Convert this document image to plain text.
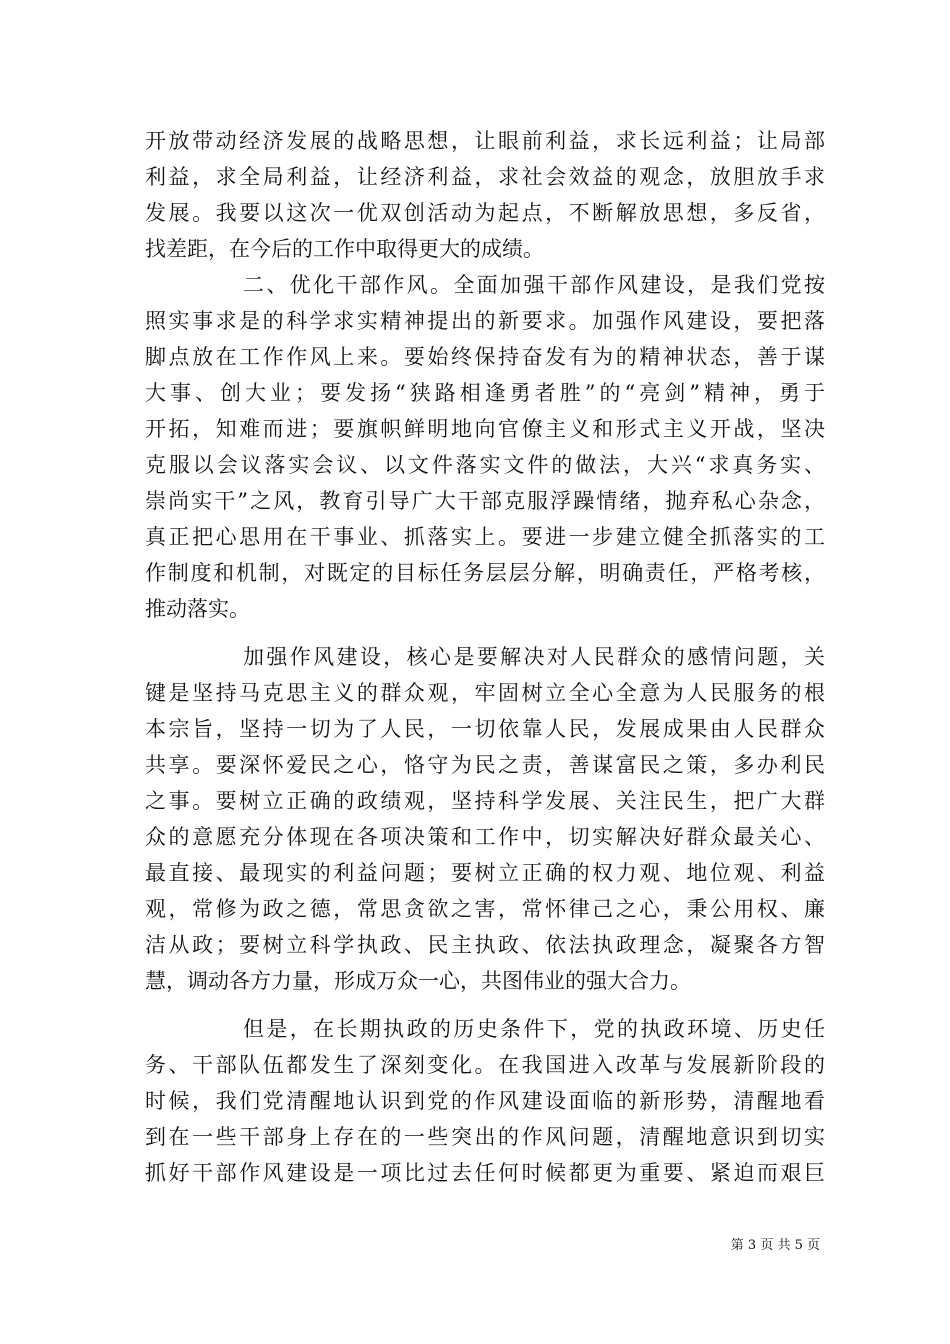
开放带动经济发展的战略思想，让眼前利益，求长远利益；让局部
利益，求全局利益，让经济利益，求社会效益的观念，放胆放手求
发展。我要以这次一优双创活动为起点，不断解放思想，多反省，
找差距，在今后的工作中取得更大的成绩。
二、优化干部作风。全面加强干部作风建设，是我们党按
照实事求是的科学求实精神提出的新要求。加强作风建设，要把落
脚点放在工作作风上来。要始终保持奋发有为的精神状态，善于谋
大事、创大业；要发扬“狭路相逢勇者胜”的“亮剑”精神，勇于
开拓，知难而进；要旗帜鲜明地向官僚主义和形式主义开战，坚决
克服以会议落实会议、以文件落实文件的做法，大兴“求真务实、
崇尚实干”之风，教育引导广大干部克服浮躁情绪，抛弃私心杂念，
真正把心思用在干事业、抓落实上。要进一步建立健全抓落实的工
作制度和机制，对既定的目标任务层层分解，明确责任，严格考核，
推动落实。
加强作风建设，核心是要解决对人民群众的感情问题，关
键是坚持马克思主义的群众观，牢固树立全心全意为人民服务的根
本宗旨，坚持一切为了人民，一切依靠人民，发展成果由人民群众
共享。要深怀爱民之心，恪守为民之责，善谋富民之策，多办利民
之事。要树立正确的政绩观，坚持科学发展、关注民生，把广大群
众的意愿充分体现在各项决策和工作中，切实解决好群众最关心、
最直接、最现实的利益问题；要树立正确的权力观、地位观、利益
观，常修为政之德，常思贪欲之害，常怀律己之心，秉公用权、廉
洁从政；要树立科学执政、民主执政、依法执政理念，凝聚各方智
慧，调动各方力量，形成万众一心，共图伟业的强大合力。
但是，在长期执政的历史条件下，党的执政环境、历史任
务、干部队伍都发生了深刻变化。在我国进入改革与发展新阶段的
时候，我们党清醒地认识到党的作风建设面临的新形势，清醒地看
到在一些干部身上存在的一些突出的作风问题，清醒地意识到切实
抓好干部作风建设是一项比过去任何时候都更为重要、紧迫而艰巨
第 3 页 共 5 页
